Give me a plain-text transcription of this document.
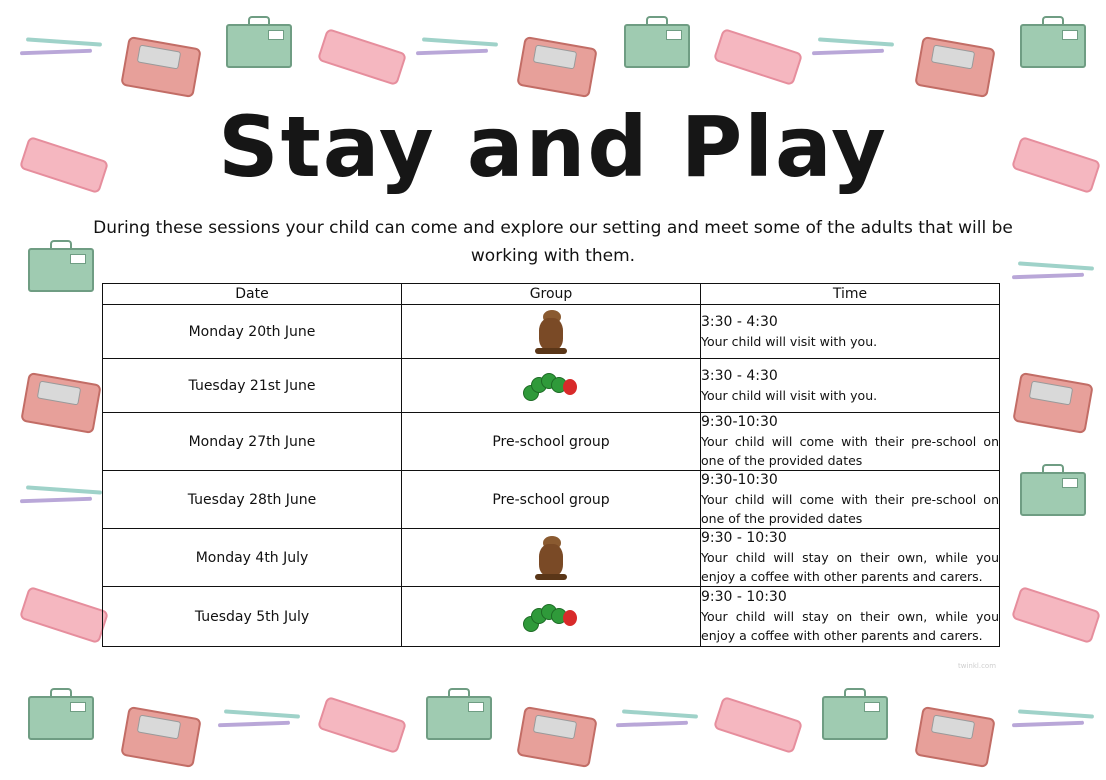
Stay and Play

During these sessions your child can come and explore our setting and meet some of the adults that will be working with them.

Date	Group	Time
Monday 20th June		3:30 - 4:30
Your child will visit with you.

Tuesday 21st June		3:30 - 4:30
Your child will visit with you.

Monday 27th June	Pre-school group	9:30-10:30
Your child will come with their pre-school on one of the provided dates

Tuesday 28th June	Pre-school group	9:30-10:30
Your child will come with their pre-school on one of the provided dates

Monday 4th July		9:30 - 10:30
Your child will stay on their own, while you enjoy a coffee with other parents and carers.

Tuesday 5th July		9:30 - 10:30
Your child will stay on their own, while you enjoy a coffee with other parents and carers.
twinkl.com
